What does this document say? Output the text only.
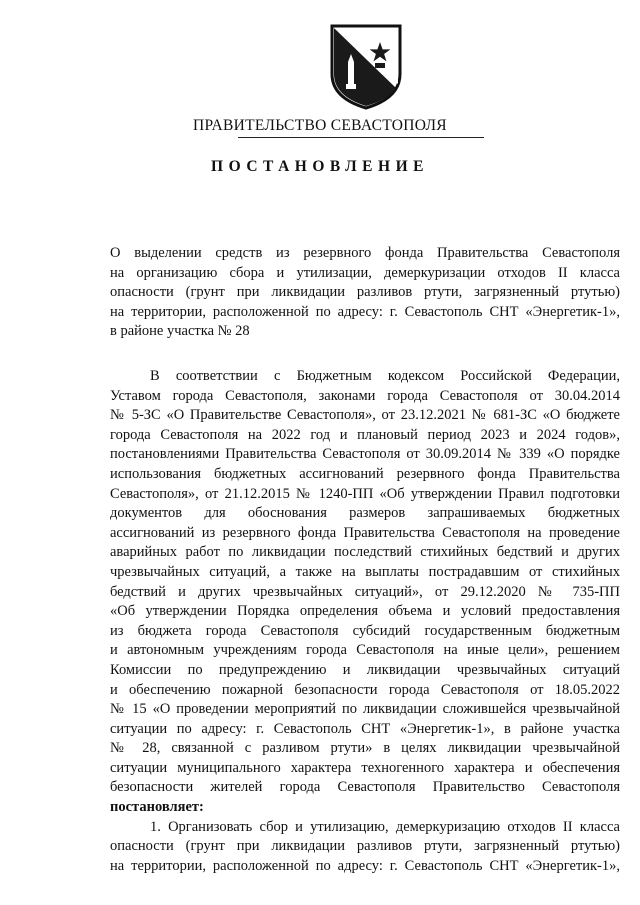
ПРАВИТЕЛЬСТВО СЕВАСТОПОЛЯ
ПОСТАНОВЛЕНИЕ
О выделении средств из резервного фонда Правительства Севастополя
на организацию сбора и утилизации, демеркуризации отходов II класса
опасности (грунт при ликвидации разливов ртути, загрязненный ртутью)
на территории, расположенной по адресу: г. Севастополь СНТ «Энергетик-1»,
в районе участка № 28
В соответствии с Бюджетным кодексом Российской Федерации,
Уставом города Севастополя, законами города Севастополя от 30.04.2014
№ 5-ЗС «О Правительстве Севастополя», от 23.12.2021 № 681-ЗС «О бюджете
города Севастополя на 2022 год и плановый период 2023 и 2024 годов»,
постановлениями Правительства Севастополя от 30.09.2014 № 339 «О порядке
использования бюджетных ассигнований резервного фонда Правительства
Севастополя», от 21.12.2015 № 1240-ПП «Об утверждении Правил подготовки
документов для обоснования размеров запрашиваемых бюджетных
ассигнований из резервного фонда Правительства Севастополя на проведение
аварийных работ по ликвидации последствий стихийных бедствий и других
чрезвычайных ситуаций, а также на выплаты пострадавшим от стихийных
бедствий и других чрезвычайных ситуаций», от 29.12.2020 № 735-ПП
«Об утверждении Порядка определения объема и условий предоставления
из бюджета города Севастополя субсидий государственным бюджетным
и автономным учреждениям города Севастополя на иные цели», решением
Комиссии по предупреждению и ликвидации чрезвычайных ситуаций
и обеспечению пожарной безопасности города Севастополя от 18.05.2022
№ 15 «О проведении мероприятий по ликвидации сложившейся чрезвычайной
ситуации по адресу: г. Севастополь СНТ «Энергетик-1», в районе участка
№ 28, связанной с разливом ртути» в целях ликвидации чрезвычайной
ситуации муниципального характера техногенного характера и обеспечения
безопасности жителей города Севастополя Правительство Севастополя
постановляет:
1. Организовать сбор и утилизацию, демеркуризацию отходов II класса
опасности (грунт при ликвидации разливов ртути, загрязненный ртутью)
на территории, расположенной по адресу: г. Севастополь СНТ «Энергетик-1»,
